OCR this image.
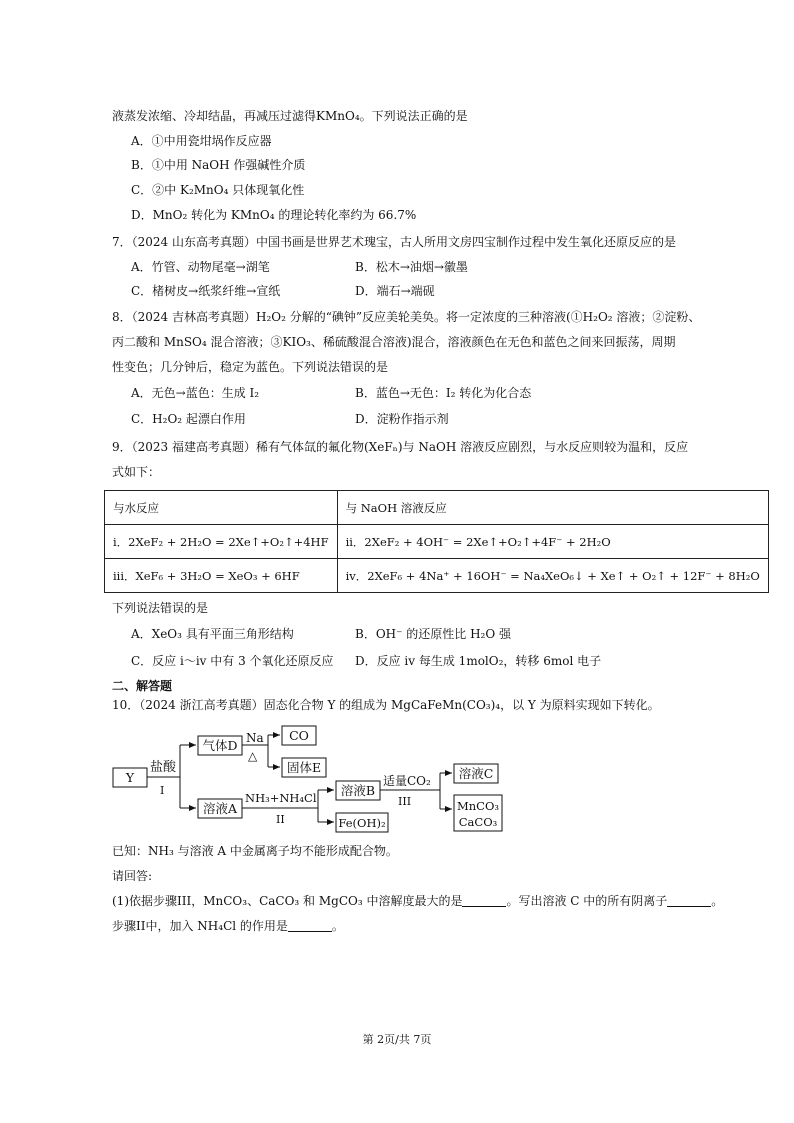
液蒸发浓缩、冷却结晶，再减压过滤得KMnO₄。下列说法正确的是
A．①中用瓷坩埚作反应器
B．①中用 NaOH 作强碱性介质
C．②中 K₂MnO₄ 只体现氧化性
D．MnO₂ 转化为 KMnO₄ 的理论转化率约为 66.7%
7．（2024 山东高考真题）中国书画是世界艺术瑰宝，古人所用文房四宝制作过程中发生氧化还原反应的是
A．竹管、动物尾毫→湖笔	B．松木→油烟→徽墨
C．楮树皮→纸浆纤维→宣纸	D．端石→端砚
8．（2024 吉林高考真题）H₂O₂ 分解的“碘钟”反应美轮美奂。将一定浓度的三种溶液(①H₂O₂ 溶液；②淀粉、
丙二酸和 MnSO₄ 混合溶液；③KIO₃、稀硫酸混合溶液)混合，溶液颜色在无色和蓝色之间来回振荡，周期
性变色；几分钟后，稳定为蓝色。下列说法错误的是
A．无色→蓝色：生成 I₂	B．蓝色→无色：I₂ 转化为化合态
C．H₂O₂ 起漂白作用	D．淀粉作指示剂
9．（2023 福建高考真题）稀有气体氙的氟化物(XeFₙ)与 NaOH 溶液反应剧烈，与水反应则较为温和，反应
式如下：
与水反应	与 NaOH 溶液反应
i．2XeF₂ + 2H₂O = 2Xe↑+O₂↑+4HF	ii．2XeF₂ + 4OH⁻ = 2Xe↑+O₂↑+4F⁻ + 2H₂O
iii．XeF₆ + 3H₂O = XeO₃ + 6HF	iv．2XeF₆ + 4Na⁺ + 16OH⁻ = Na₄XeO₆↓ + Xe↑ + O₂↑ + 12F⁻ + 8H₂O
下列说法错误的是
A．XeO₃ 具有平面三角形结构	B．OH⁻ 的还原性比 H₂O 强
C．反应 i～iv 中有 3 个氧化还原反应 D．反应 iv 每生成 1molO₂，转移 6mol 电子
二、解答题
10．（2024 浙江高考真题）固态化合物 Y 的组成为 MgCaFeMn(CO₃)₄，以 Y 为原料实现如下转化。
Y
盐酸
I
气体D Na
△
CO
固体E
溶液A
NH₃+NH₄Cl
II
溶液B
Fe(OH)₂
适量CO₂
III
溶液C
MnCO₃
CaCO₃
已知：NH₃ 与溶液 A 中金属离子均不能形成配合物。
请回答:
(1)依据步骤III，MnCO₃、CaCO₃ 和 MgCO₃ 中溶解度最大的是	。写出溶液 C 中的所有阴离子	。
步骤II中，加入 NH₄Cl 的作用是	。
第 2页/共 7页
